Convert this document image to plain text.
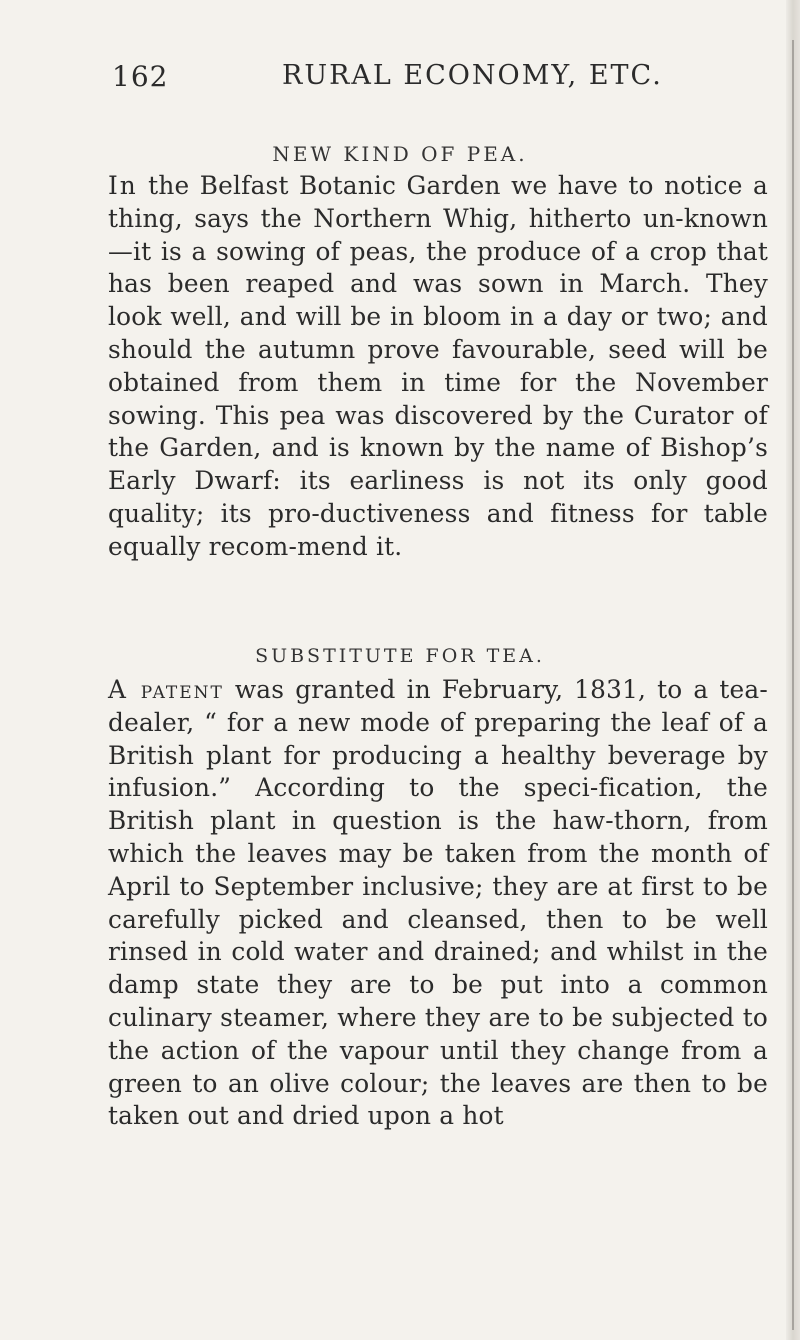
162	RURAL ECONOMY, ETC.
NEW KIND OF PEA.

In the Belfast Botanic Garden we have to notice a thing, says the Northern Whig, hitherto un-known—it is a sowing of peas, the produce of a crop that has been reaped and was sown in March. They look well, and will be in bloom in a day or two; and should the autumn prove favourable, seed will be obtained from them in time for the November sowing. This pea was discovered by the Curator of the Garden, and is known by the name of Bishop’s Early Dwarf: its earliness is not its only good quality; its pro-ductiveness and fitness for table equally recom-mend it.

SUBSTITUTE FOR TEA.

A patent was granted in February, 1831, to a tea-dealer, “ for a new mode of preparing the leaf of a British plant for producing a healthy beverage by infusion.” According to the speci-fication, the British plant in question is the haw-thorn, from which the leaves may be taken from the month of April to September inclusive; they are at first to be carefully picked and cleansed, then to be well rinsed in cold water and drained; and whilst in the damp state they are to be put into a common culinary steamer, where they are to be subjected to the action of the vapour until they change from a green to an olive colour; the leaves are then to be taken out and dried upon a hot
